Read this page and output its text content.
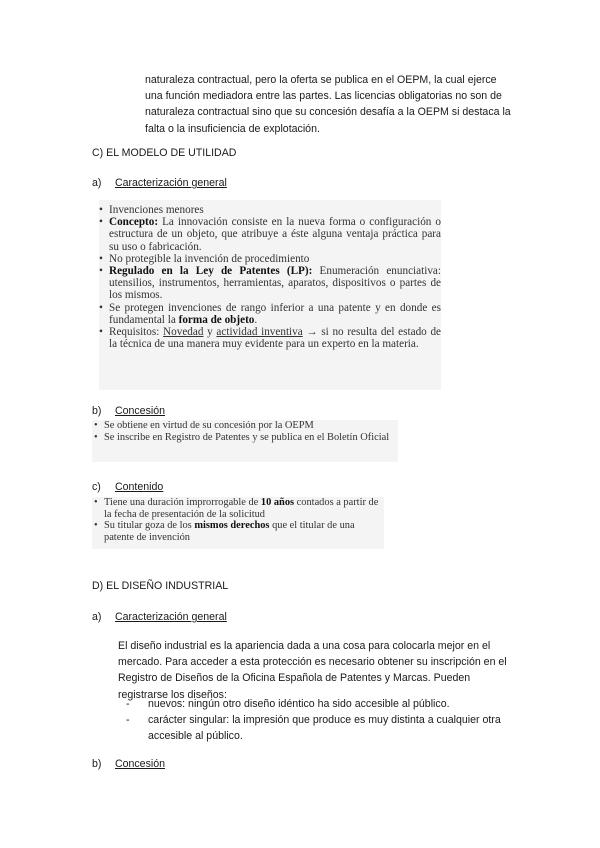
naturaleza contractual, pero la oferta se publica en el OEPM, la cual ejerce una función mediadora entre las partes. Las licencias obligatorias no son de naturaleza contractual sino que su concesión desafía a la OEPM si destaca la falta o la insuficiencia de explotación.

C) EL MODELO DE UTILIDAD

a) Caracterización general

• Invenciones menores
• Concepto: La innovación consiste en la nueva forma o configuración o estructura de un objeto, que atribuye a éste alguna ventaja práctica para su uso o fabricación.
• No protegible la invención de procedimiento
• Regulado en la Ley de Patentes (LP): Enumeración enunciativa: utensilios, instrumentos, herramientas, aparatos, dispositivos o partes de los mismos.
• Se protegen invenciones de rango inferior a una patente y en donde es fundamental la forma de objeto.
• Requisitos: Novedad y actividad inventiva → si no resulta del estado de la técnica de una manera muy evidente para un experto en la materia.

b) Concesión

• Se obtiene en virtud de su concesión por la OEPM
• Se inscribe en Registro de Patentes y se publica en el Boletín Oficial

c) Contenido

• Tiene una duración improrrogable de 10 años contados a partir de la fecha de presentación de la solicitud
• Su titular goza de los mismos derechos que el titular de una patente de invención

D) EL DISEÑO INDUSTRIAL

a) Caracterización general

El diseño industrial es la apariencia dada a una cosa para colocarla mejor en el mercado. Para acceder a esta protección es necesario obtener su inscripción en el Registro de Diseños de la Oficina Española de Patentes y Marcas. Pueden registrarse los diseños:

- nuevos: ningún otro diseño idéntico ha sido accesible al público.
- carácter singular: la impresión que produce es muy distinta a cualquier otra accesible al público.

b) Concesión
